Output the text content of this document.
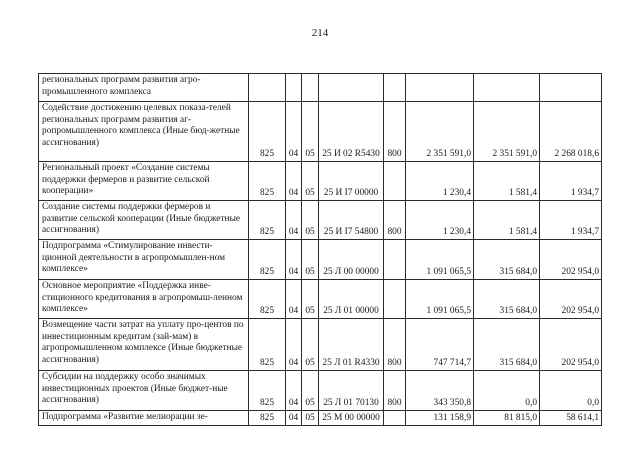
214
региональных программ развития агро-промышленного комплекса								
Содействие достижению целевых показа-телей региональных программ развития аг-ропромышленного комплекса (Иные бюд-жетные ассигнования)	825	04	05	25 И 02 R5430	800	2 351 591,0	2 351 591,0	2 268 018,6
Региональный проект «Создание системы поддержки фермеров и развитие сельской кооперации»	825	04	05	25 И I7 00000		1 230,4	1 581,4	1 934,7
Создание системы поддержки фермеров и развитие сельской кооперации (Иные бюджетные ассигнования)	825	04	05	25 И I7 54800	800	1 230,4	1 581,4	1 934,7
Подпрограмма «Стимулирование инвести-ционной деятельности в агропромышлен-ном комплексе»	825	04	05	25 Л 00 00000		1 091 065,5	315 684,0	202 954,0
Основное мероприятие «Поддержка инве-стиционного кредитования в агропромыш-ленном комплексе»	825	04	05	25 Л 01 00000		1 091 065,5	315 684,0	202 954,0
Возмещение части затрат на уплату про-центов по инвестиционным кредитам (зай-мам) в агропромышленном комплексе (Иные бюджетные ассигнования)	825	04	05	25 Л 01 R4330	800	747 714,7	315 684,0	202 954,0
Субсидии на поддержку особо значимых инвестиционных проектов (Иные бюджет-ные ассигнования)	825	04	05	25 Л 01 70130	800	343 350,8	0,0	0,0
Подпрограмма «Развитие мелиорации зе-	825	04	05	25 М 00 00000		131 158,9	81 815,0	58 614,1
